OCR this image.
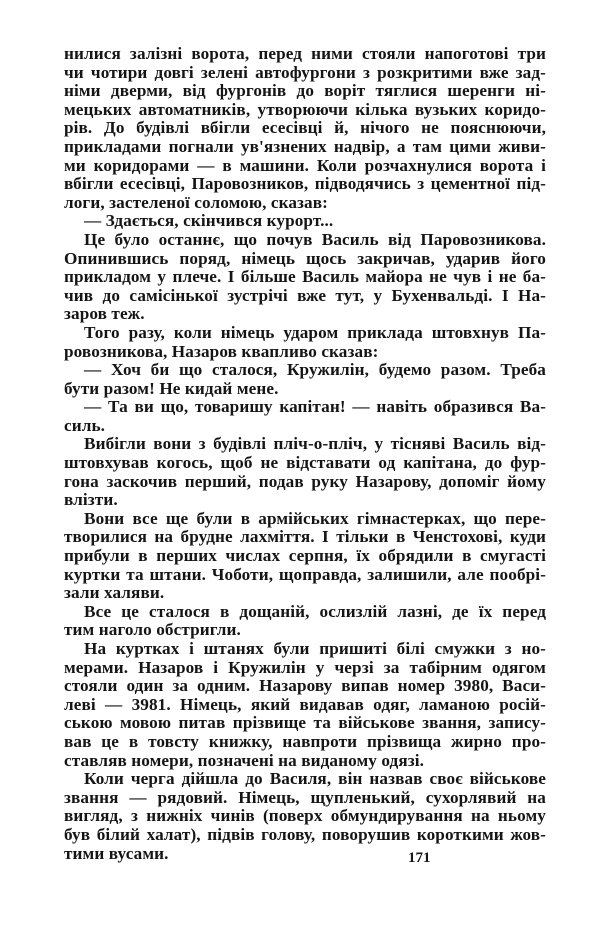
нилися залізні ворота, перед ними стояли напоготові три
чи чотири довгі зелені автофургони з розкритими вже зад-
німи дверми, від фургонів до воріт тяглися шеренги ні-
мецьких автоматників, утворюючи кілька вузьких коридо-
рів. До будівлі вбігли есесівці й, нічого не пояснюючи,
прикладами погнали ув'язнених надвір, а там цими живи-
ми коридорами — в машини. Коли розчахнулися ворота і
вбігли есесівці, Паровозников, підводячись з цементної під-
логи, застеленої соломою, сказав:
— Здається, скінчився курорт...
Це було останнє, що почув Василь від Паровозникова.
Опинившись поряд, німець щось закричав, ударив його
прикладом у плече. І більше Василь майора не чув і не ба-
чив до самісінької зустрічі вже тут, у Бухенвальді. І На-
заров теж.
Того разу, коли німець ударом приклада штовхнув Па-
ровозникова, Назаров квапливо сказав:
— Хоч би що сталося, Кружилін, будемо разом. Треба
бути разом! Не кидай мене.
— Та ви що, товаришу капітан! — навіть образився Ва-
силь.
Вибігли вони з будівлі пліч-о-пліч, у тісняві Василь від-
штовхував когось, щоб не відставати од капітана, до фур-
гона заскочив перший, подав руку Назарову, допоміг йому
влізти.
Вони все ще були в армійських гімнастерках, що пере-
творилися на брудне лахміття. І тільки в Ченстохові, куди
прибули в перших числах серпня, їх обрядили в смугасті
куртки та штани. Чоботи, щоправда, залишили, але пообрі-
зали халяви.
Все це сталося в дощаній, ослизлій лазні, де їх перед
тим наголо обстригли.
На куртках і штанях були пришиті білі смужки з но-
мерами. Назаров і Кружилін у черзі за табірним одягом
стояли один за одним. Назарову випав номер 3980, Васи-
леві — 3981. Німець, який видавав одяг, ламаною росій-
ською мовою питав прізвище та військове звання, запису-
вав це в товсту книжку, навпроти прізвища жирно про-
ставляв номери, позначені на виданому одязі.
Коли черга дійшла до Василя, він назвав своє військове
звання — рядовий. Німець, щупленький, сухорлявий на
вигляд, з нижніх чинів (поверх обмундирування на ньому
був білий халат), підвів голову, поворушив короткими жов-
тими вусами.	171
